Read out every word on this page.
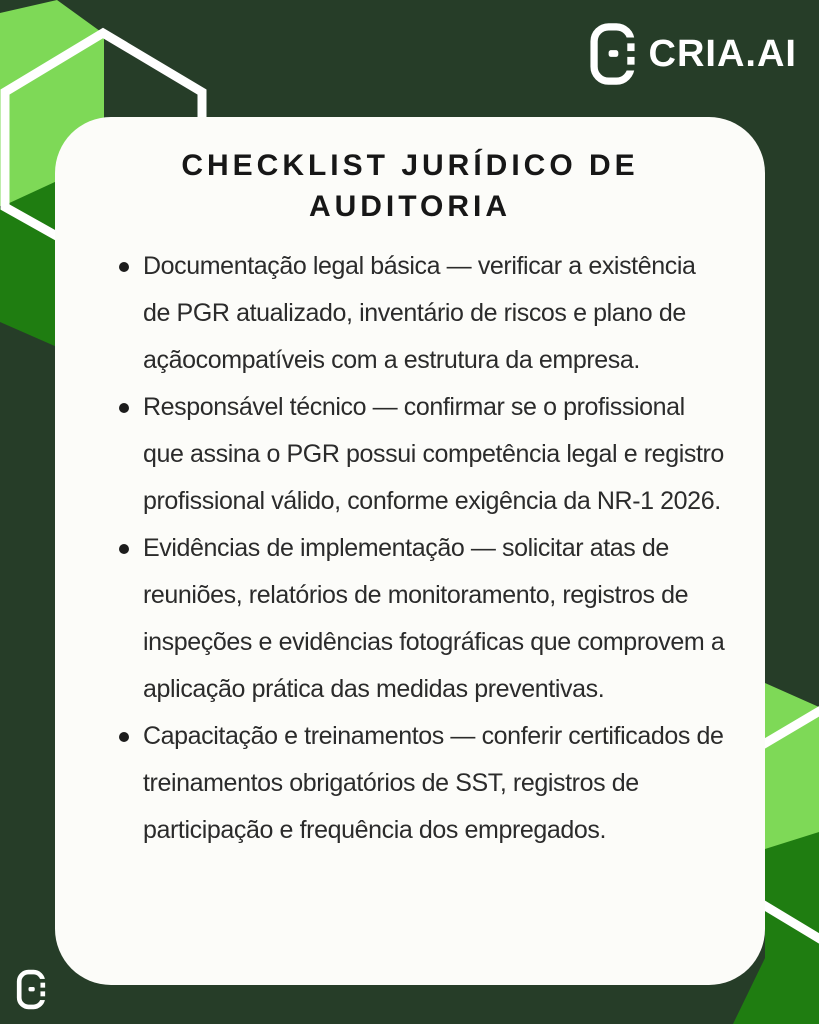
CRIA.AI
CHECKLIST JURÍDICO DE AUDITORIA
Documentação legal básica — verificar a existência de PGR atualizado, inventário de riscos e plano de açãocompatíveis com a estrutura da empresa.
Responsável técnico — confirmar se o profissional que assina o PGR possui competência legal e registro profissional válido, conforme exigência da NR-1 2026.
Evidências de implementação — solicitar atas de reuniões, relatórios de monitoramento, registros de inspeções e evidências fotográficas que comprovem a aplicação prática das medidas preventivas.
Capacitação e treinamentos — conferir certificados de treinamentos obrigatórios de SST, registros de participação e frequência dos empregados.
